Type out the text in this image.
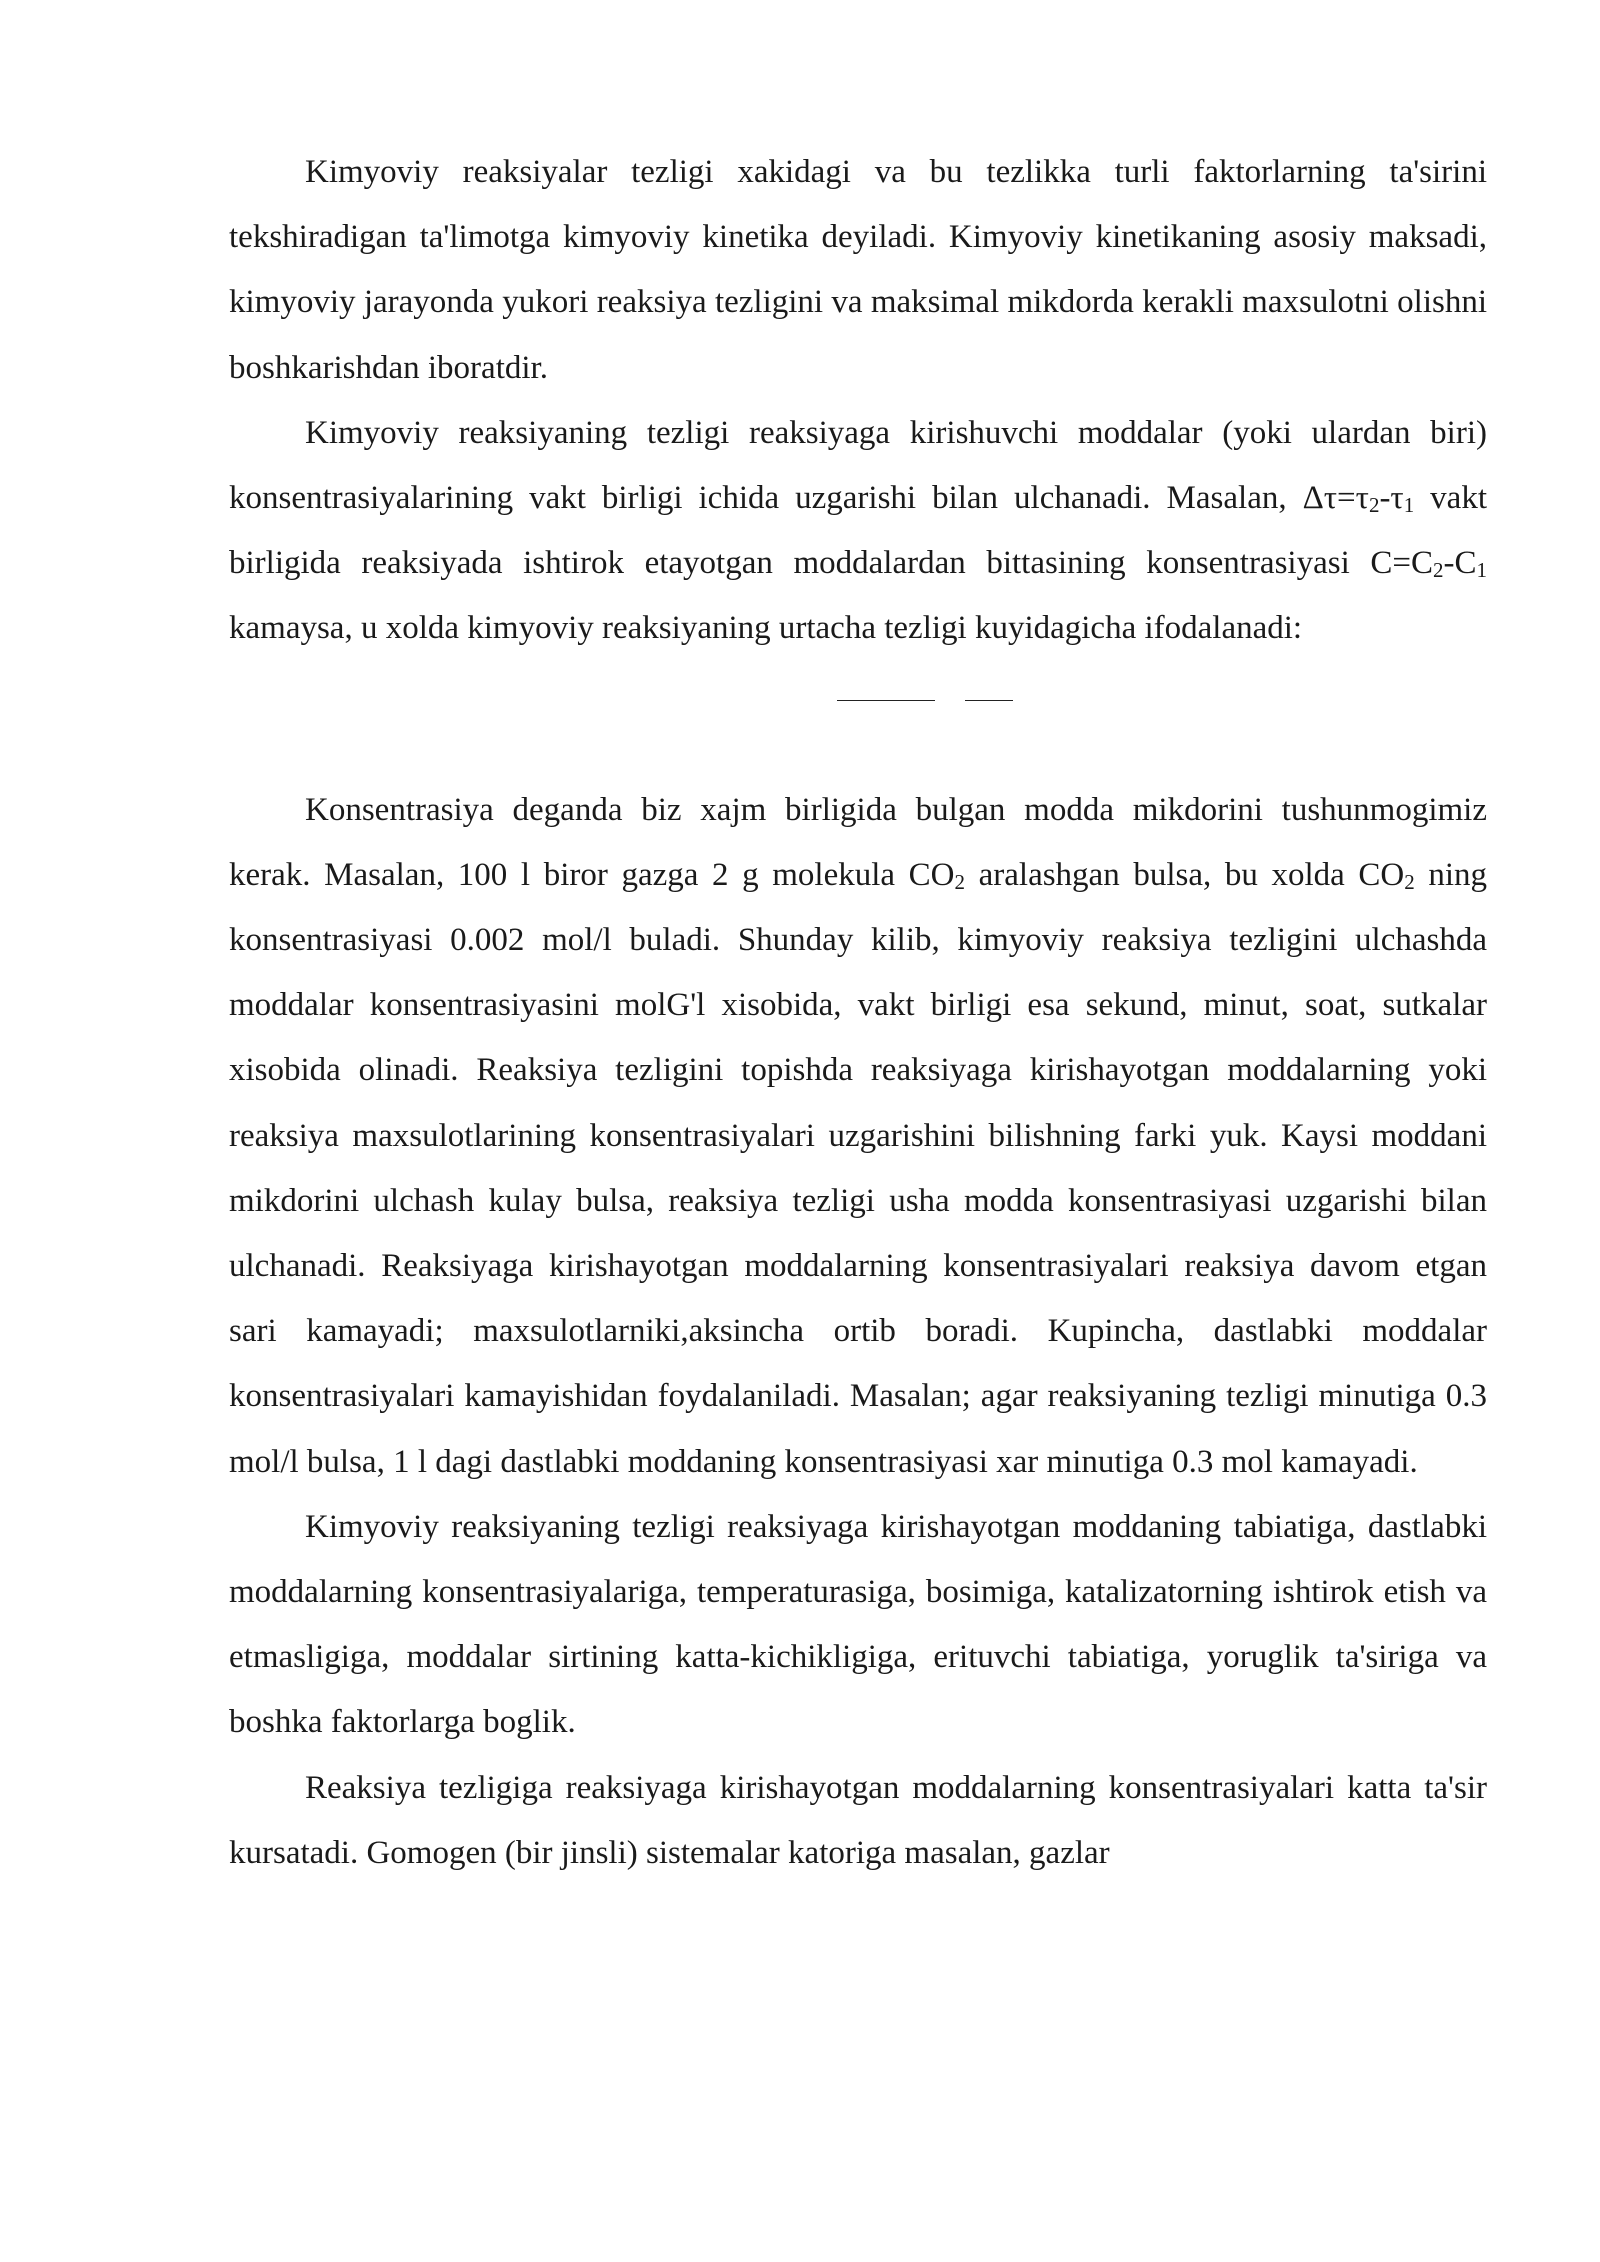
Kimyoviy reaksiyalar tezligi xakidagi va bu tezlikka turli faktorlarning ta'sirini tekshiradigan ta'limotga kimyoviy kinetika deyiladi. Kimyoviy kinetikaning asosiy maksadi, kimyoviy jarayonda yukori reaksiya tezligini va maksimal mikdorda kerakli maxsulotni olishni boshkarishdan iboratdir.

Kimyoviy reaksiyaning tezligi reaksiyaga kirishuvchi moddalar (yoki ulardan biri) konsentrasiyalarining vakt birligi ichida uzgarishi bilan ulchanadi. Masalan, $\Delta\tau=\tau_2-\tau_1$ vakt birligida reaksiyada ishtirok etayotgan moddalardan bittasining konsentrasiyasi $C=C_2-C_1$ kamaysa, u xolda kimyoviy reaksiyaning urtacha tezligi kuyidagicha ifodalanadi:

Konsentrasiya deganda biz xajm birligida bulgan modda mikdorini tushunmogimiz kerak. Masalan, 100 l biror gazga 2 g molekula $CO_2$ aralashgan bulsa, bu xolda $CO_2$ ning konsentrasiyasi 0.002 mol/l buladi. Shunday kilib, kimyoviy reaksiya tezligini ulchashda moddalar konsentrasiyasini molG'l xisobida, vakt birligi esa sekund, minut, soat, sutkalar xisobida olinadi. Reaksiya tezligini topishda reaksiyaga kirishayotgan moddalarning yoki reaksiya maxsulotlarining konsentrasiyalari uzgarishini bilishning farki yuk. Kaysi moddani mikdorini ulchash kulay bulsa, reaksiya tezligi usha modda konsentrasiyasi uzgarishi bilan ulchanadi. Reaksiyaga kirishayotgan moddalarning konsentrasiyalari reaksiya davom etgan sari kamayadi; maxsulotlarniki,aksincha ortib boradi. Kupincha, dastlabki moddalar konsentrasiyalari kamayishidan foydalaniladi. Masalan; agar reaksiyaning tezligi minutiga 0.3 mol/l bulsa, 1 l dagi dastlabki moddaning konsentrasiyasi xar minutiga 0.3 mol kamayadi.

Kimyoviy reaksiyaning tezligi reaksiyaga kirishayotgan moddaning tabiatiga, dastlabki moddalarning konsentrasiyalariga, temperaturasiga, bosimiga, katalizatorning ishtirok etish va etmasligiga, moddalar sirtining katta-kichikligiga, erituvchi tabiatiga, yoruglik ta'siriga va boshka faktorlarga boglik.

Reaksiya tezligiga reaksiyaga kirishayotgan moddalarning konsentrasiyalari katta ta'sir kursatadi. Gomogen (bir jinsli) sistemalar katoriga masalan, gazlar
